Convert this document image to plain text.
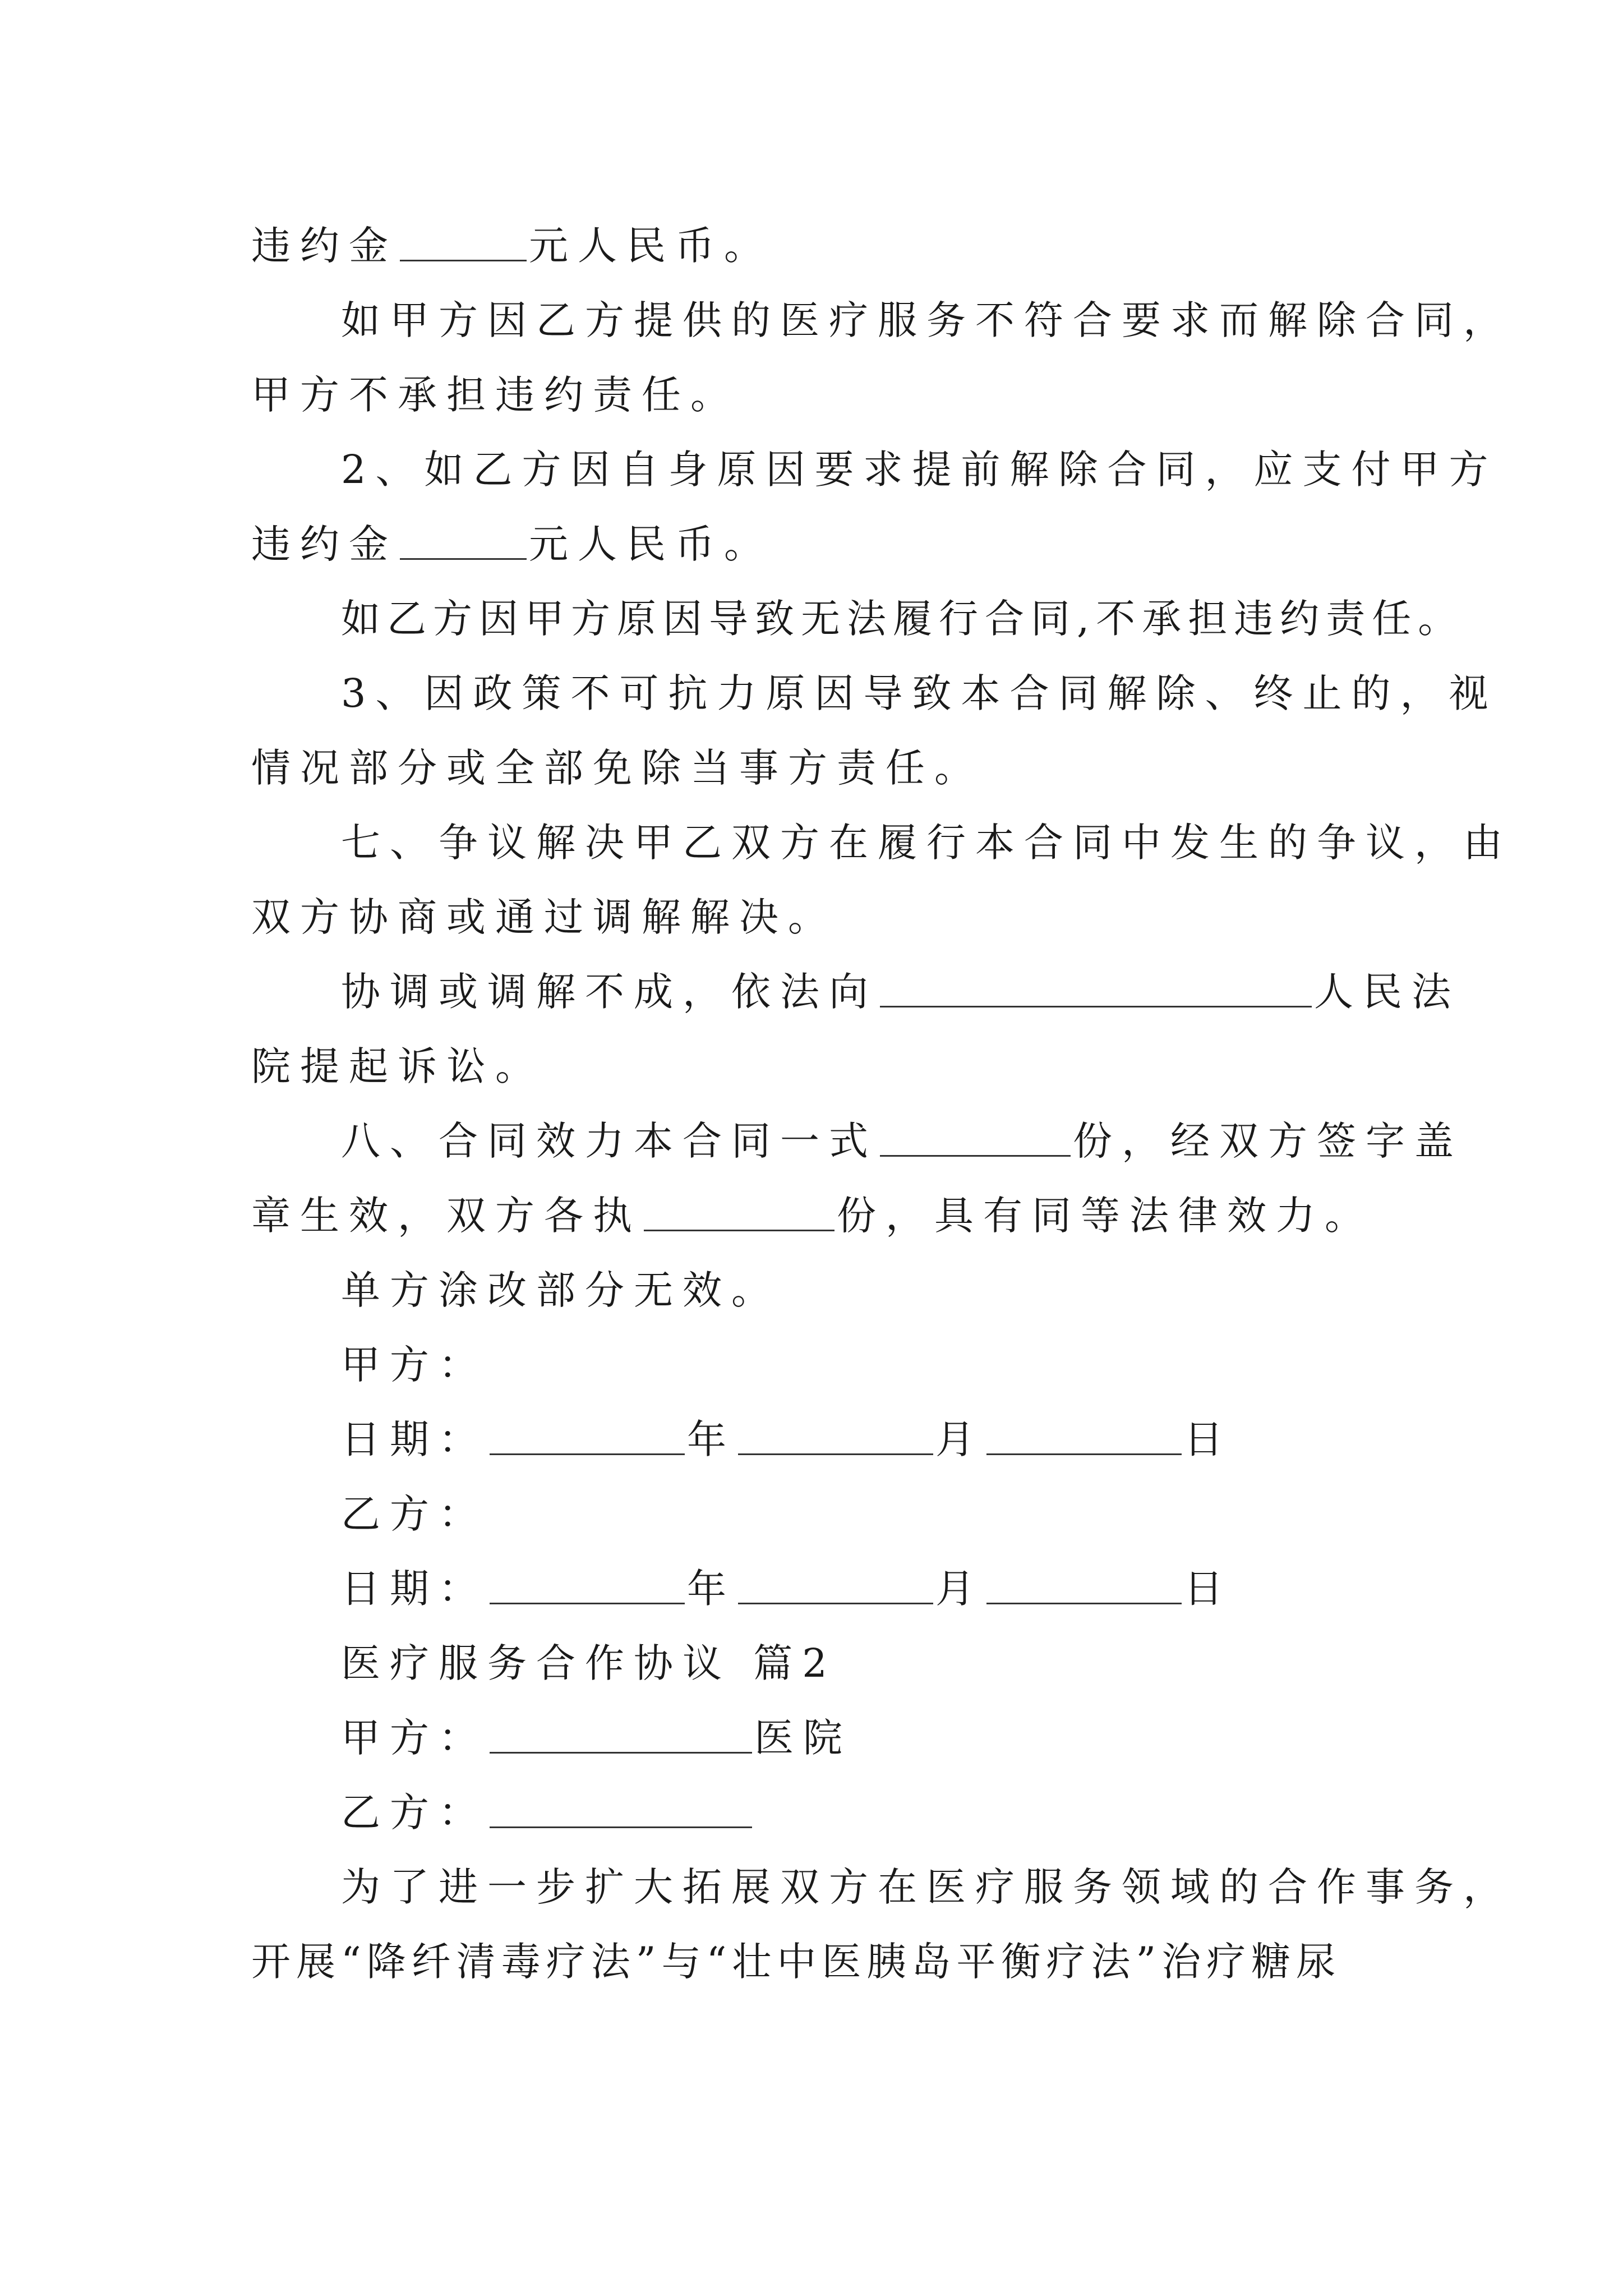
违约金	元人民币。
如甲方因乙方提供的医疗服务不符合要求而解除合同，
甲方不承担违约责任。
2、如乙方因自身原因要求提前解除合同，应支付甲方
违约金	元人民币。
如乙方因甲方原因导致无法履行合同,不承担违约责任。
3、因政策不可抗力原因导致本合同解除、终止的，视
情况部分或全部免除当事方责任。
七、争议解决甲乙双方在履行本合同中发生的争议，由
双方协商或通过调解解决。
协调或调解不成，依法向	人民法
院提起诉讼。
八、合同效力本合同一式	份，经双方签字盖
章生效，双方各执	份，具有同等法律效力。
单方涂改部分无效。
甲方：
日期：	年	月	日
乙方：
日期：	年	月	日
医疗服务合作协议 篇2
甲方：	医院
乙方：
为了进一步扩大拓展双方在医疗服务领域的合作事务，
开展“降纤清毒疗法”与“壮中医胰岛平衡疗法”治疗糖尿
